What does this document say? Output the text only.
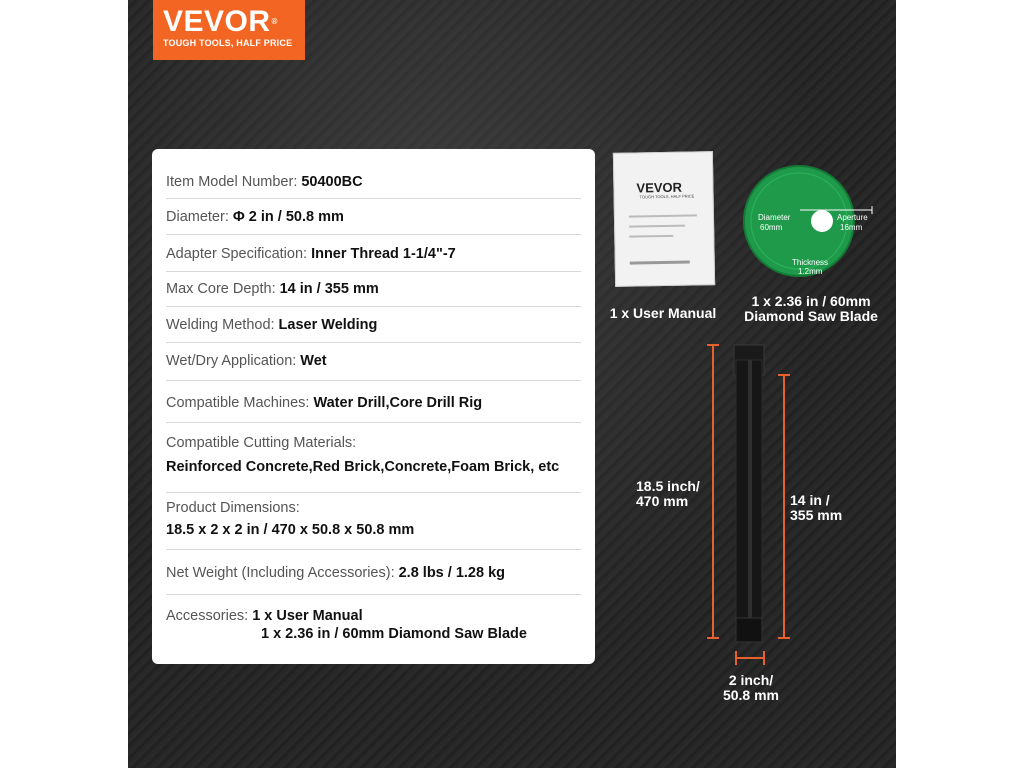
VEVOR®
TOUGH TOOLS, HALF PRICE
Item Model Number: 50400BC
Diameter: Φ 2 in / 50.8 mm
Adapter Specification: Inner Thread 1-1/4"-7
Max Core Depth: 14 in / 355 mm
Welding Method: Laser Welding
Wet/Dry Application: Wet
Compatible Machines: Water Drill,Core Drill Rig
Compatible Cutting Materials:
Reinforced Concrete,Red Brick,Concrete,Foam Brick, etc
Product Dimensions:
18.5 x 2 x 2 in / 470 x 50.8 x 50.8 mm
Net Weight (Including Accessories): 2.8 lbs / 1.28 kg
Accessories: 1 x User Manual
1 x 2.36 in / 60mm Diamond Saw Blade
VEVOR
TOUGH TOOLS, HALF PRICE
1 x User Manual
Diameter
60mm
Aperture
16mm
Thickness
1.2mm
1 x 2.36 in / 60mm
Diamond Saw Blade
18.5 inch/
470 mm	14 in /
355 mm
2 inch/
50.8 mm
